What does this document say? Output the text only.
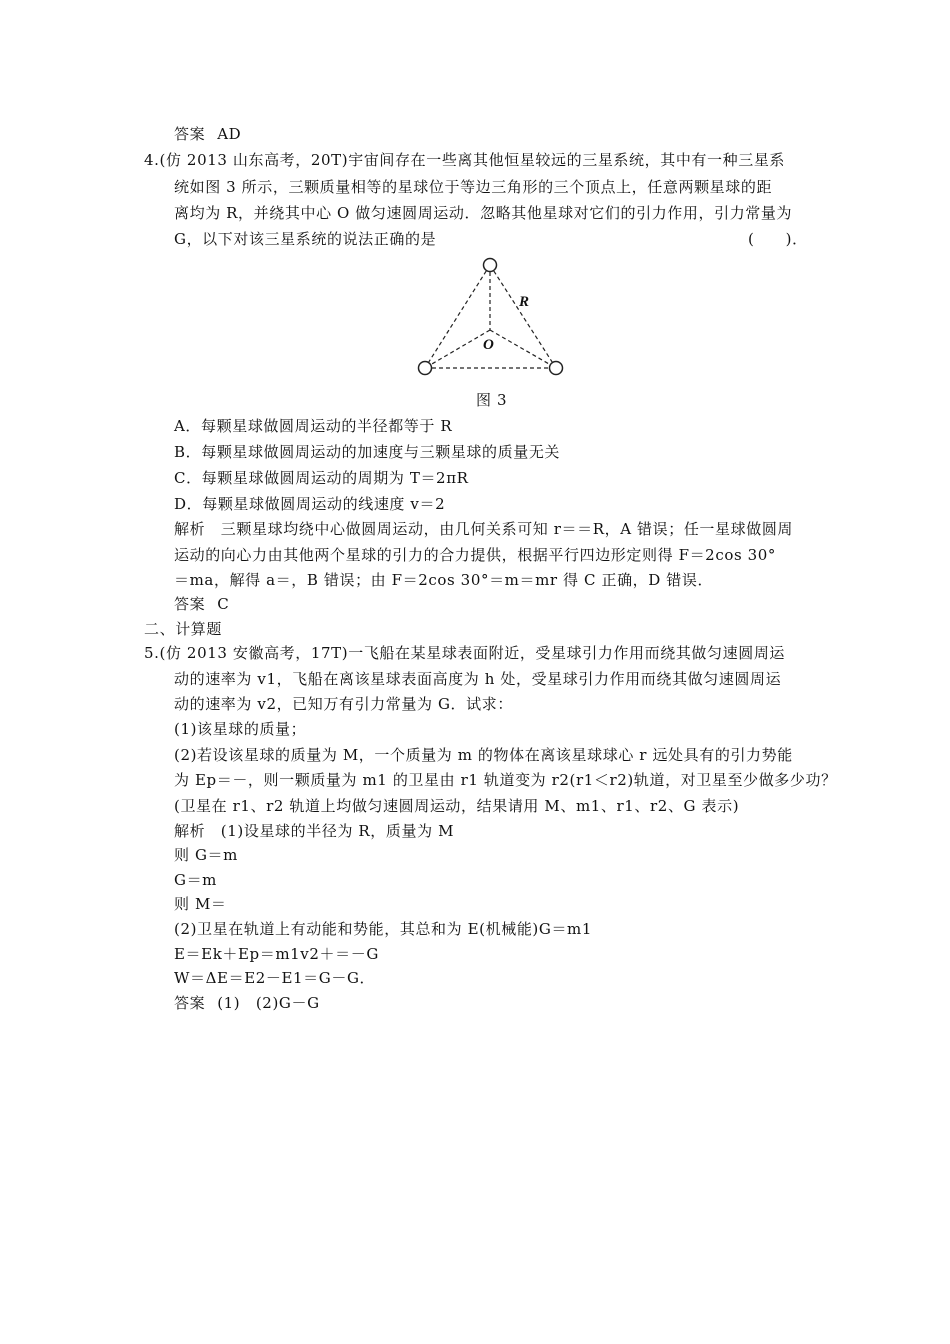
答案 AD
4.(仿 2013 山东高考，20T)宇宙间存在一些离其他恒星较远的三星系统，其中有一种三星系
统如图 3 所示，三颗质量相等的星球位于等边三角形的三个顶点上，任意两颗星球的距
离均为 R，并绕其中心 O 做匀速圆周运动．忽略其他星球对它们的引力作用，引力常量为
G，以下对该三星系统的说法正确的是	(　　)．
R
O
图 3
A．每颗星球做圆周运动的半径都等于 R
B．每颗星球做圆周运动的加速度与三颗星球的质量无关
C．每颗星球做圆周运动的周期为 T＝2πR
D．每颗星球做圆周运动的线速度 v＝2
解析　三颗星球均绕中心做圆周运动，由几何关系可知 r＝＝R，A 错误；任一星球做圆周
运动的向心力由其他两个星球的引力的合力提供，根据平行四边形定则得 F＝2cos 30°
＝ma，解得 a＝，B 错误；由 F＝2cos 30°＝m＝mr 得 C 正确，D 错误．
答案 C
二、计算题
5.(仿 2013 安徽高考，17T)一飞船在某星球表面附近，受星球引力作用而绕其做匀速圆周运
动的速率为 v1，飞船在离该星球表面高度为 h 处，受星球引力作用而绕其做匀速圆周运
动的速率为 v2，已知万有引力常量为 G．试求：
(1)该星球的质量；
(2)若设该星球的质量为 M，一个质量为 m 的物体在离该星球球心 r 远处具有的引力势能
为 Ep＝－，则一颗质量为 m1 的卫星由 r1 轨道变为 r2(r1＜r2)轨道，对卫星至少做多少功？
(卫星在 r1、r2 轨道上均做匀速圆周运动，结果请用 M、m1、r1、r2、G 表示)
解析　(1)设星球的半径为 R，质量为 M
则 G＝m
G＝m
则 M＝
(2)卫星在轨道上有动能和势能，其总和为 E(机械能)G＝m1
E＝Ek＋Ep＝m1v2＋＝－G
W＝ΔE＝E2－E1＝G－G．
答案 (1)　(2)G－G
